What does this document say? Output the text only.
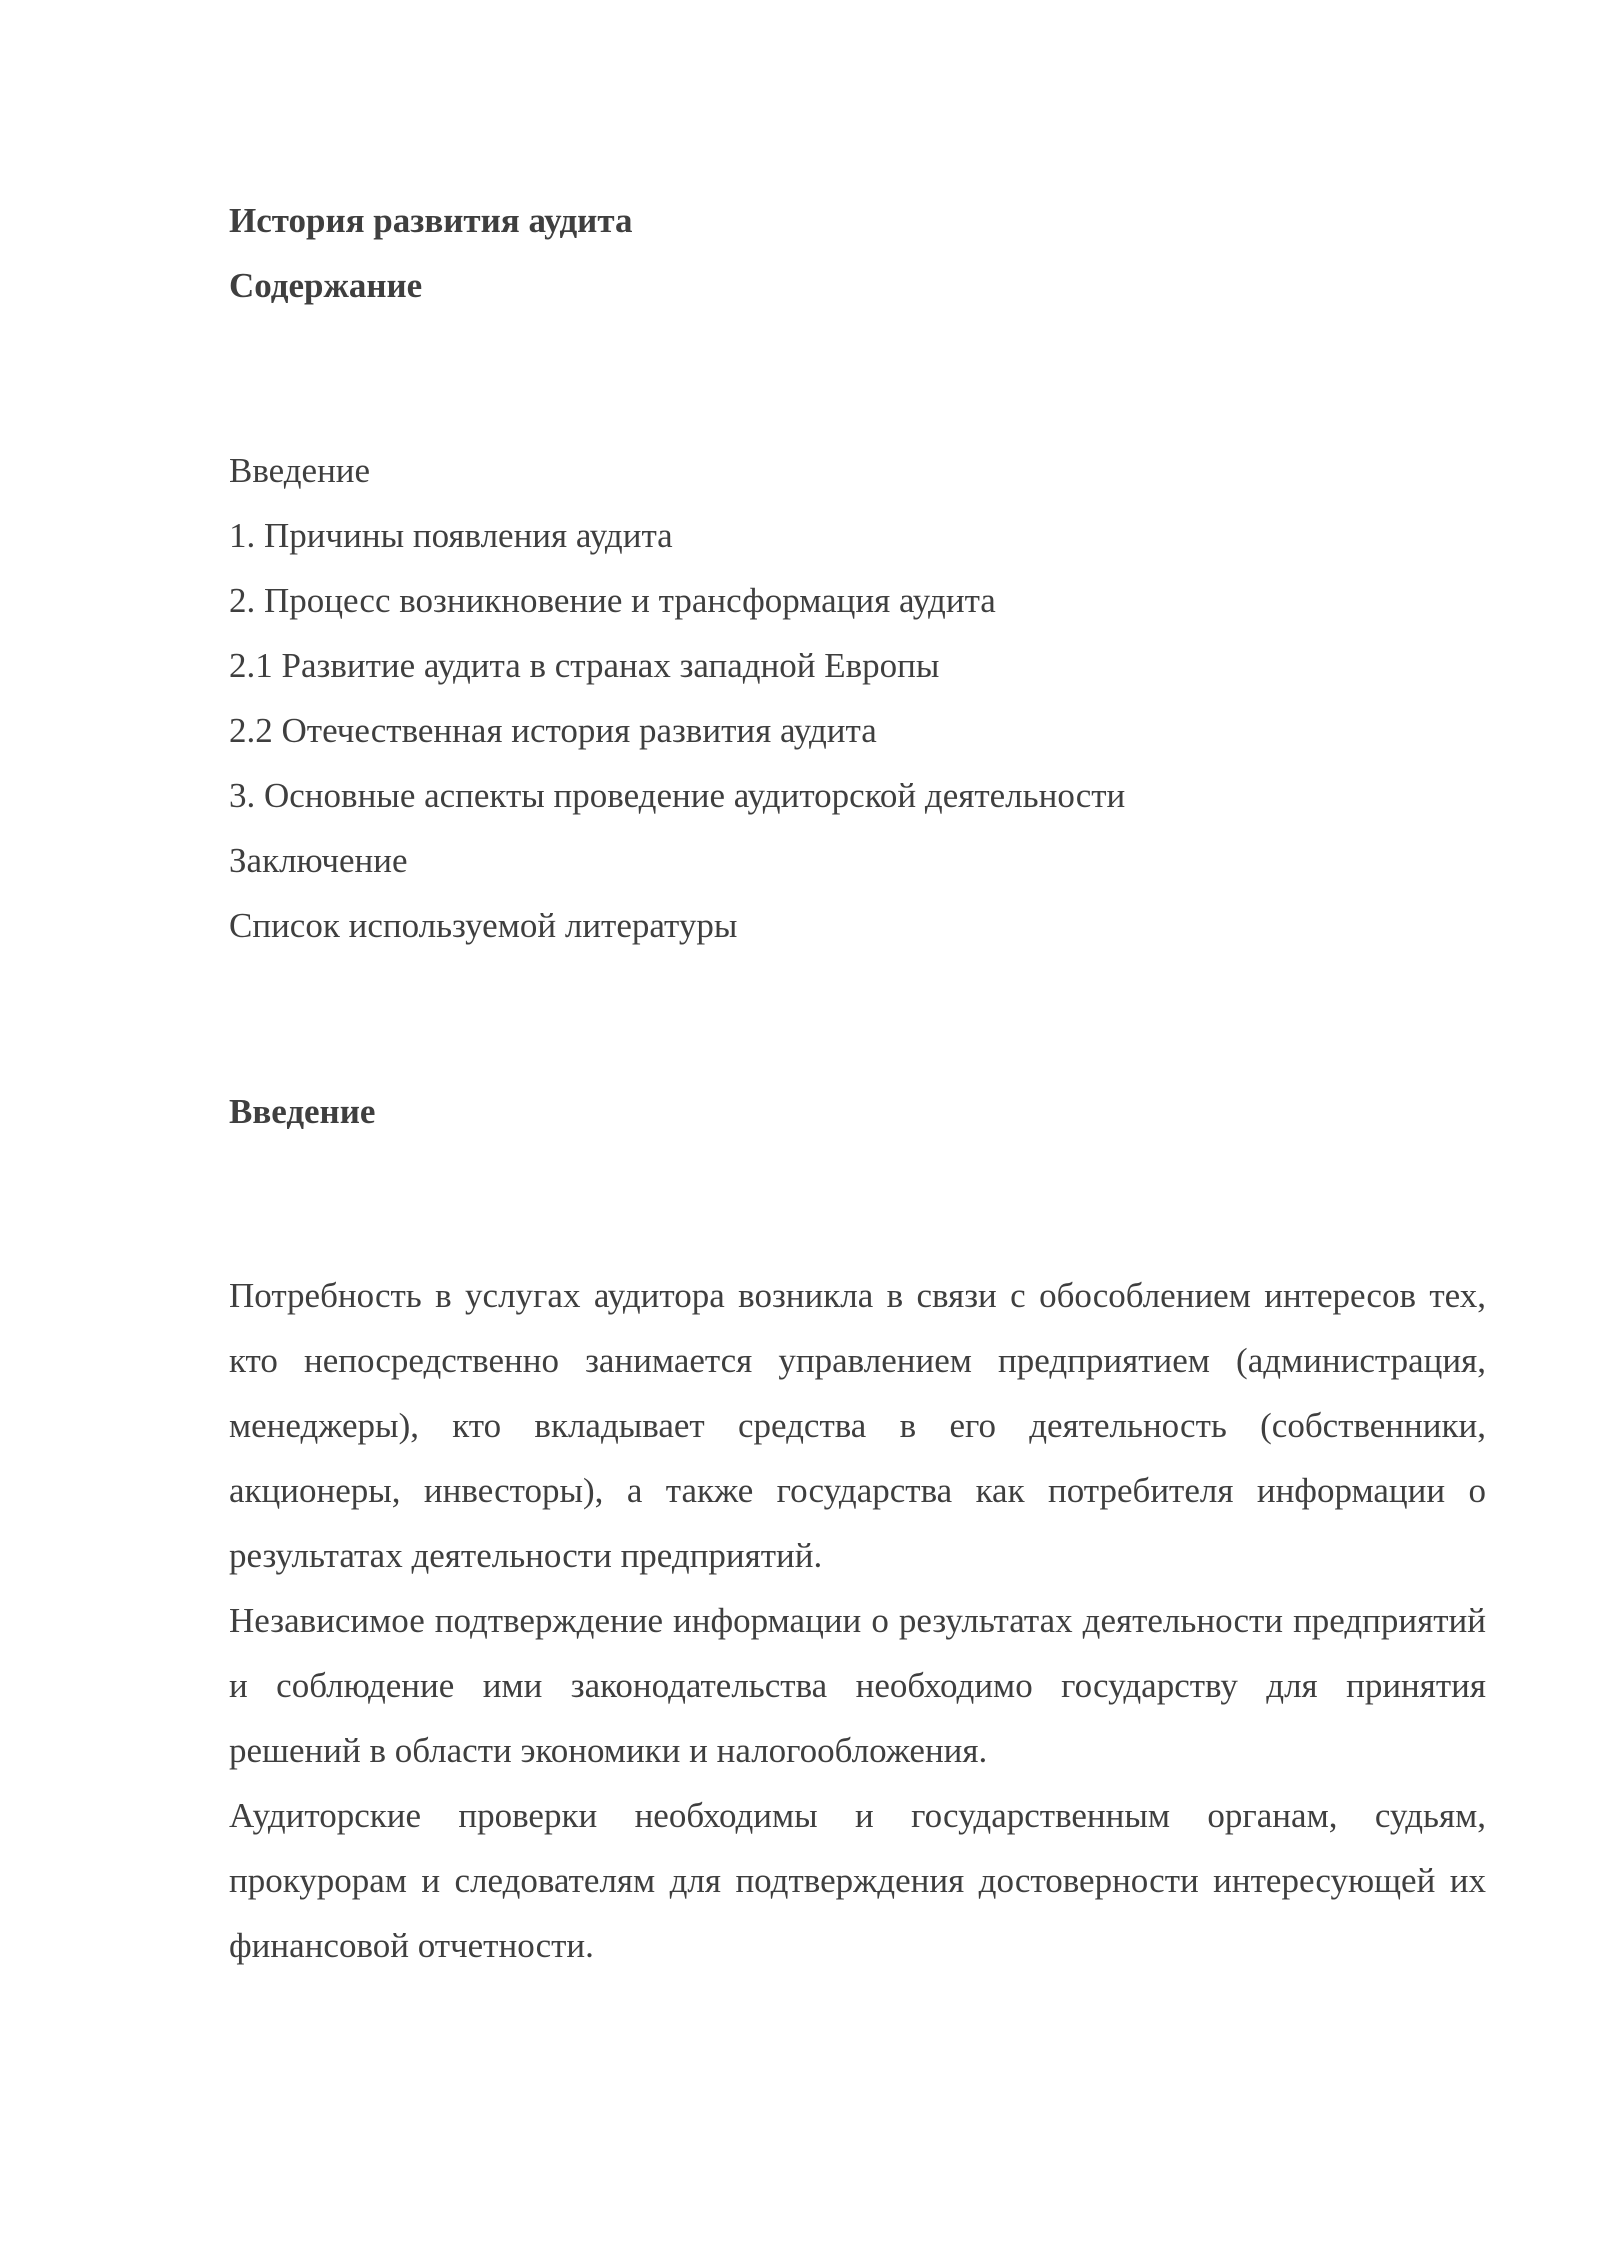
История развития аудита

Содержание

Введение

1. Причины появления аудита

2. Процесс возникновение и трансформация аудита

2.1 Развитие аудита в странах западной Европы

2.2 Отечественная история развития аудита

3. Основные аспекты проведение аудиторской деятельности

Заключение

Список используемой литературы

Введение

Потребность в услугах аудитора возникла в связи с обособлением интересов тех, кто непосредственно занимается управлением предприятием (администрация, менеджеры), кто вкладывает средства в его деятельность (собственники, акционеры, инвесторы), а также государства как потребителя информации о результатах деятельности предприятий.

Независимое подтверждение информации о результатах деятельности предприятий и соблюдение ими законодательства необходимо государству для принятия решений в области экономики и налогообложения.

Аудиторские проверки необходимы и государственным органам, судьям, прокурорам и следователям для подтверждения достоверности интересующей их финансовой отчетности.
